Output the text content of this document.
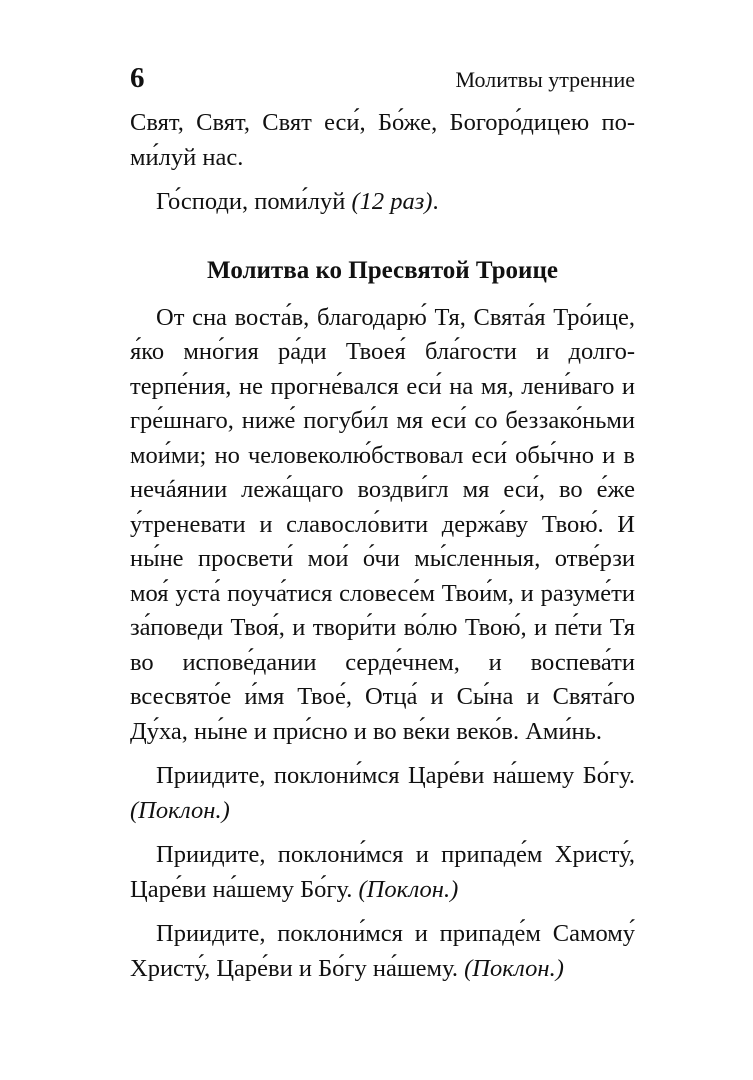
6	Молитвы утренние

Свят, Свят, Свят еси́, Бо́же, Богоро́дицею поми́луй нас.

Го́споди, поми́луй (12 раз).

Молитва ко Пресвятой Троице

От сна воста́в, благодарю́ Тя, Свята́я Тро́ице, я́ко мно́гия ра́ди Твоея́ бла́гости и долготерпе́ния, не прогне́вался еси́ на мя, лени́ваго и гре́шнаго, ниже́ погуби́л мя еси́ со беззако́ньми мои́ми; но человеколю́бствовал еси́ обы́чно и в нечáянии лежа́щаго воздви́гл мя еси́, во е́же у́треневати и славосло́вити держа́ву Твою́. И ны́не просвети́ мои́ о́чи мы́сленныя, отве́рзи моя́ уста́ поуча́тися словесе́м Твои́м, и разуме́ти за́поведи Твоя́, и твори́ти во́лю Твою́, и пе́ти Тя во испове́дании серде́чнем, и воспева́ти всесвято́е и́мя Твое́, Отца́ и Сы́на и Свята́го Ду́ха, ны́не и при́сно и во ве́ки веко́в. Ами́нь.

Приидите, поклони́мся Царе́ви на́шему Бо́гу. (Поклон.)

Приидите, поклони́мся и припаде́м Христу́, Царе́ви на́шему Бо́гу. (Поклон.)

Приидите, поклони́мся и припаде́м Самому́ Христу́, Царе́ви и Бо́гу на́шему. (Поклон.)
